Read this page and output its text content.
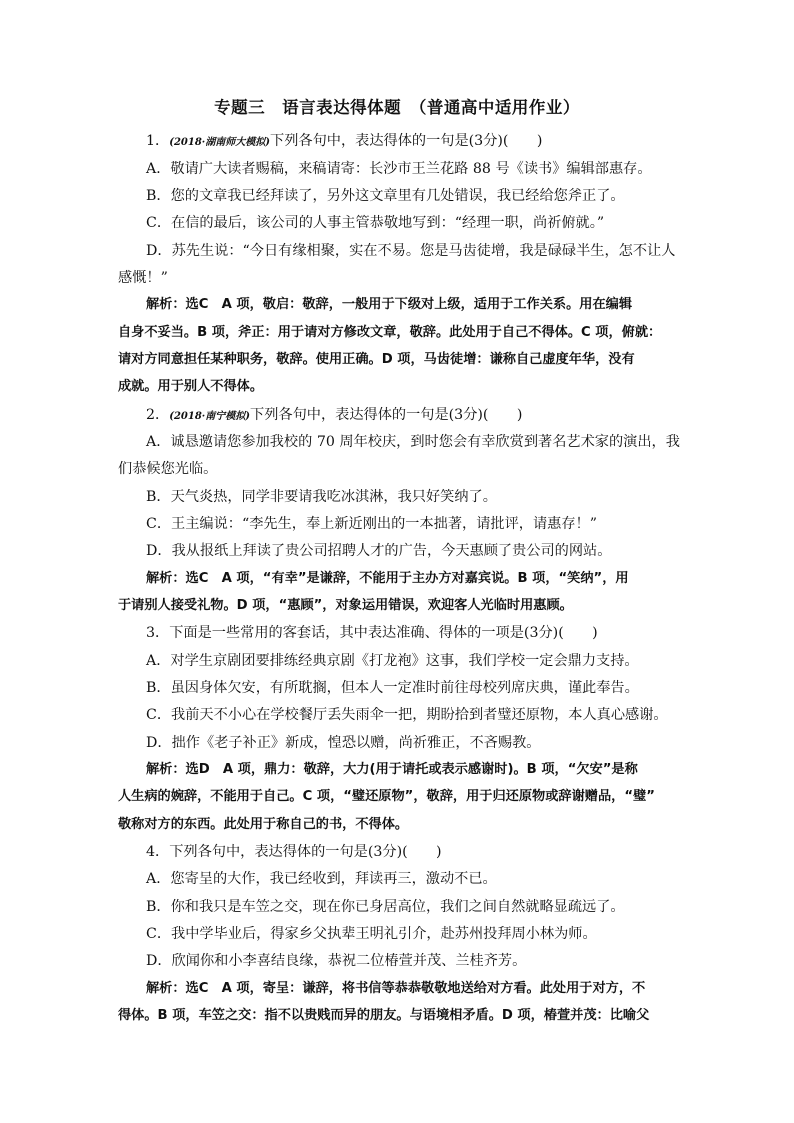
专题三　语言表达得体题　（普通高中适用作业）
1．(2018·湖南师大模拟)下列各句中，表达得体的一句是(3分)(　　)
A．敬请广大读者赐稿，来稿请寄：长沙市王兰花路 88 号《读书》编辑部惠存。
B．您的文章我已经拜读了，另外这文章里有几处错误，我已经给您斧正了。
C．在信的最后，该公司的人事主管恭敬地写到：“经理一职，尚祈俯就。”
D．苏先生说：“今日有缘相聚，实在不易。您是马齿徒增，我是碌碌半生，怎不让人
感慨！”
解析：选C　A 项，敬启：敬辞，一般用于下级对上级，适用于工作关系。用在编辑
自身不妥当。B 项，斧正：用于请对方修改文章，敬辞。此处用于自己不得体。C 项，俯就：
请对方同意担任某种职务，敬辞。使用正确。D 项，马齿徒增：谦称自己虚度年华，没有
成就。用于别人不得体。
2．(2018·南宁模拟)下列各句中，表达得体的一句是(3分)(　　)
A．诚恳邀请您参加我校的 70 周年校庆，到时您会有幸欣赏到著名艺术家的演出，我
们恭候您光临。
B．天气炎热，同学非要请我吃冰淇淋，我只好笑纳了。
C．王主编说：“李先生，奉上新近刚出的一本拙著，请批评，请惠存！”
D．我从报纸上拜读了贵公司招聘人才的广告，今天惠顾了贵公司的网站。
解析：选C　A 项，“有幸”是谦辞，不能用于主办方对嘉宾说。B 项，“笑纳”，用
于请别人接受礼物。D 项，“惠顾”，对象运用错误，欢迎客人光临时用惠顾。
3．下面是一些常用的客套话，其中表达准确、得体的一项是(3分)(　　)
A．对学生京剧团要排练经典京剧《打龙袍》这事，我们学校一定会鼎力支持。
B．虽因身体欠安，有所耽搁，但本人一定准时前往母校列席庆典，谨此奉告。
C．我前天不小心在学校餐厅丢失雨伞一把，期盼拾到者璧还原物，本人真心感谢。
D．拙作《老子补正》新成，惶恐以赠，尚祈雅正，不吝赐教。
解析：选D　A 项，鼎力：敬辞，大力(用于请托或表示感谢时)。B 项，“欠安”是称
人生病的婉辞，不能用于自己。C 项，“璧还原物”，敬辞，用于归还原物或辞谢赠品，“璧”
敬称对方的东西。此处用于称自己的书，不得体。
4．下列各句中，表达得体的一句是(3分)(　　)
A．您寄呈的大作，我已经收到，拜读再三，激动不已。
B．你和我只是车笠之交，现在你已身居高位，我们之间自然就略显疏远了。
C．我中学毕业后，得家乡父执辈王明礼引介，赴苏州投拜周小林为师。
D．欣闻你和小李喜结良缘，恭祝二位椿萱并茂、兰桂齐芳。
解析：选C　A 项，寄呈：谦辞，将书信等恭恭敬敬地送给对方看。此处用于对方，不
得体。B 项，车笠之交：指不以贵贱而异的朋友。与语境相矛盾。D 项，椿萱并茂：比喻父
